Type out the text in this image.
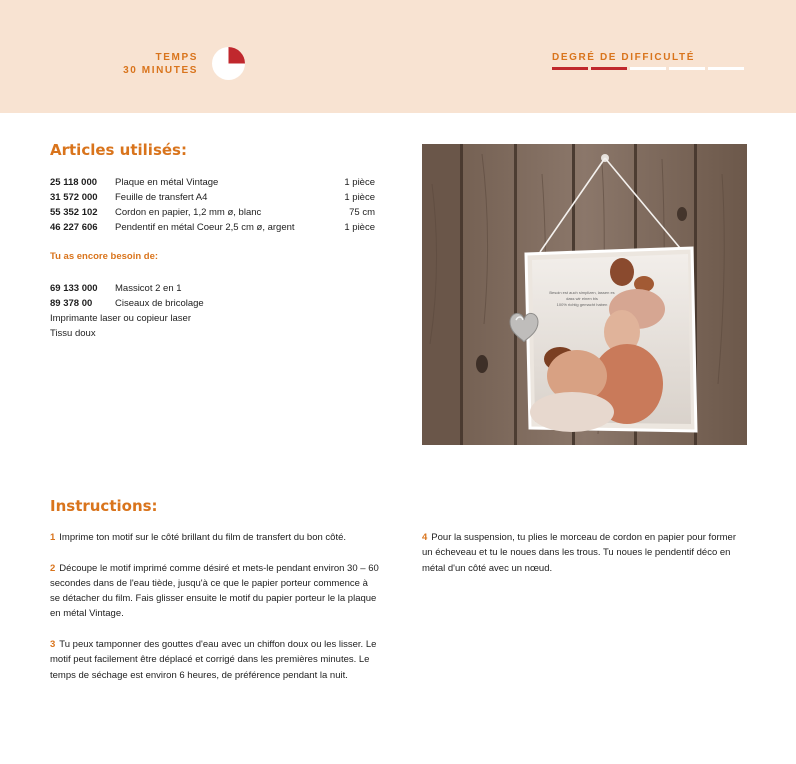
TEMPS
30 MINUTES
DEGRÉ DE DIFFICULTÉ
Articles utilisés:
25 118 000	Plaque en métal Vintage	1 pièce
31 572 000	Feuille de transfert A4	1 pièce
55 352 102	Cordon en papier, 1,2 mm ø, blanc	75 cm
46 227 606	Pendentif en métal Coeur 2,5 cm ø, argent	1 pièce

Tu as encore besoin de:

69 133 000	Massicot 2 en 1
89 378 00	Ciseaux de bricolage
Imprimante laser ou copieur laser
Tissu doux
Besoin est auch simplizen, lassen es
dass wir einen bis
100% richtig gemacht haben
Instructions:

1 Imprime ton motif sur le côté brillant du film de transfert du bon côté.

2 Découpe le motif imprimé comme désiré et mets-le pendant environ 30 – 60 secondes dans de l'eau tiède, jusqu'à ce que le papier porteur commence à se détacher du film. Fais glisser ensuite le motif du papier porteur le la plaque en métal Vintage.

3 Tu peux tamponner des gouttes d'eau avec un chiffon doux ou les lisser. Le motif peut facilement être déplacé et corrigé dans les premières minutes. Le temps de séchage est environ 6 heures, de préférence pendant la nuit.

4 Pour la suspension, tu plies le morceau de cordon en papier pour former un écheveau et tu le noues dans les trous. Tu noues le pendentif déco en métal d'un côté avec un nœud.
